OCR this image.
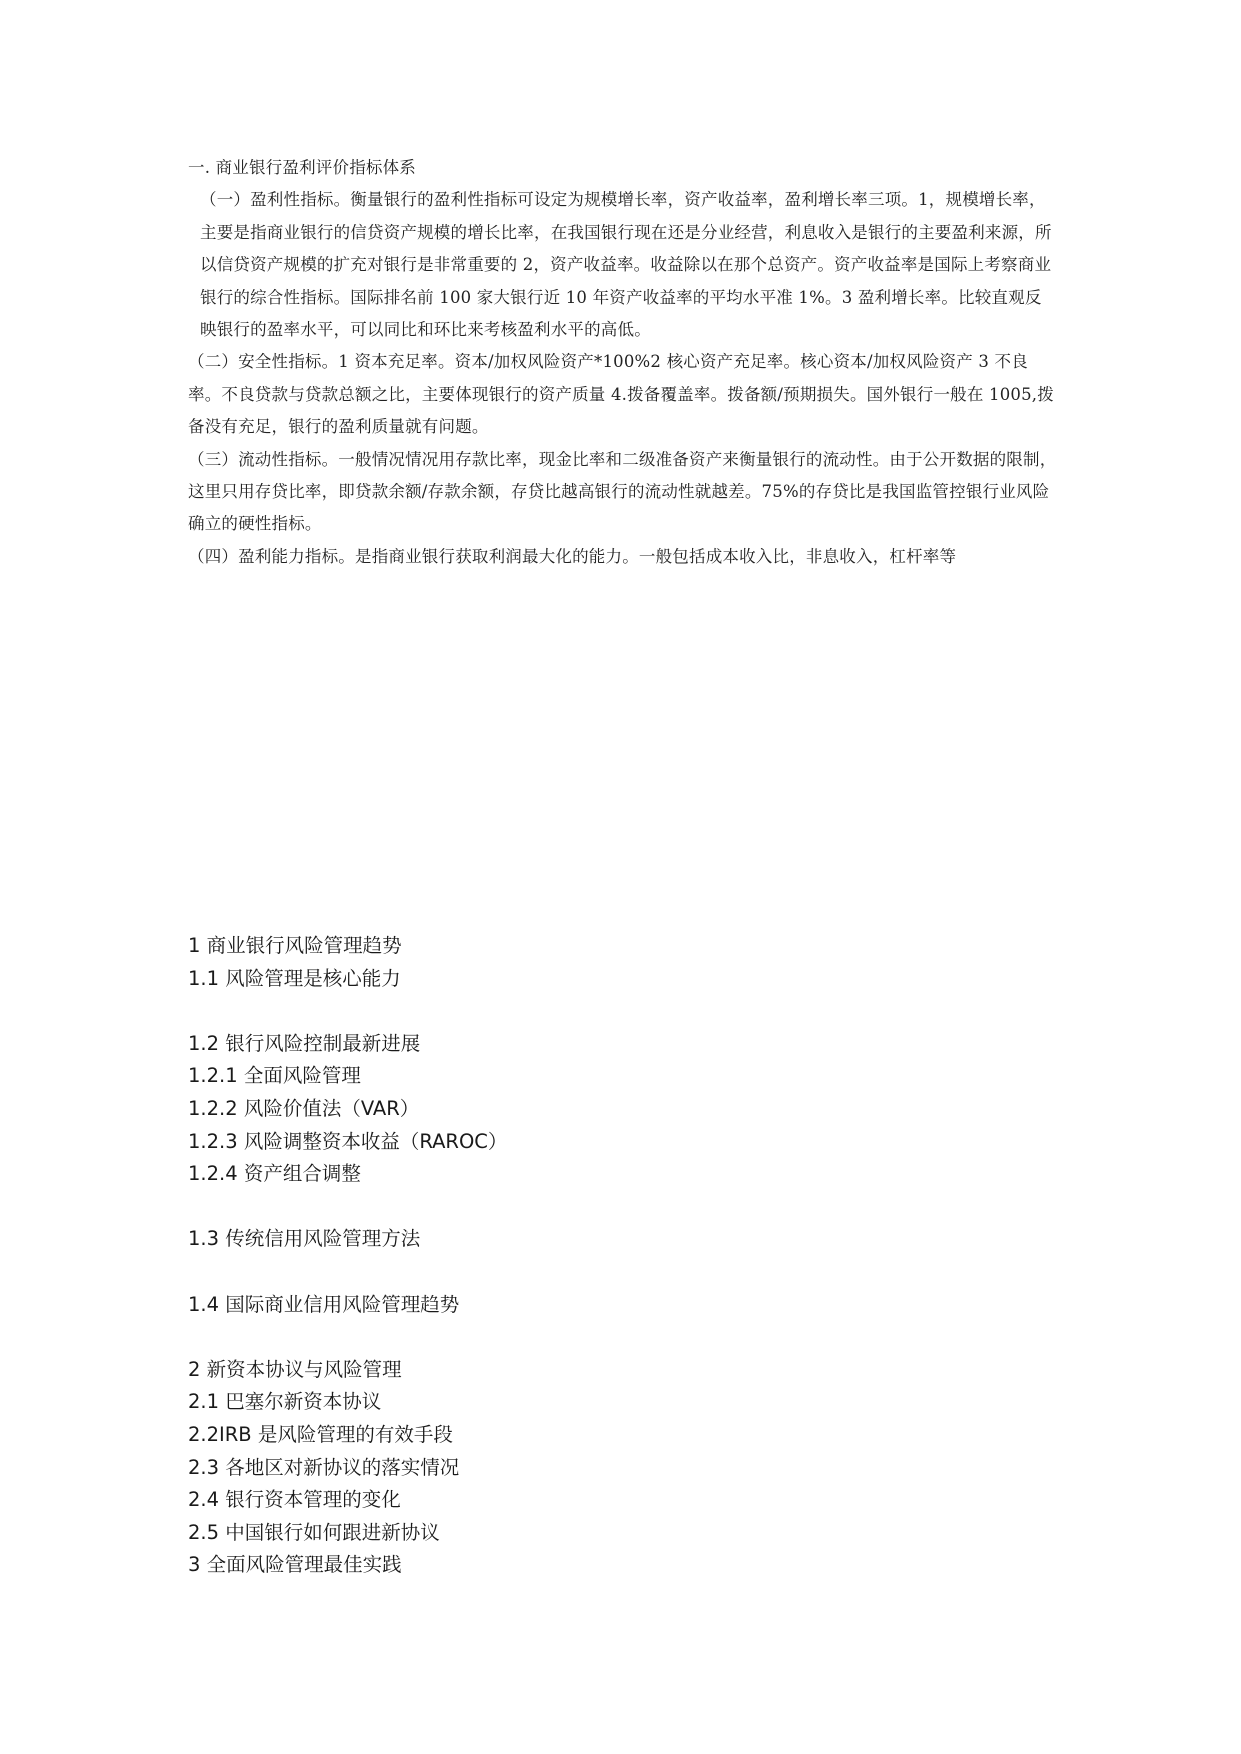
一. 商业银行盈利评价指标体系

（一）盈利性指标。衡量银行的盈利性指标可设定为规模增长率，资产收益率，盈利增长率三项。1，规模增长率，主要是指商业银行的信贷资产规模的增长比率，在我国银行现在还是分业经营，利息收入是银行的主要盈利来源，所以信贷资产规模的扩充对银行是非常重要的 2，资产收益率。收益除以在那个总资产。资产收益率是国际上考察商业银行的综合性指标。国际排名前 100 家大银行近 10 年资产收益率的平均水平准 1%。3 盈利增长率。比较直观反映银行的盈率水平，可以同比和环比来考核盈利水平的高低。

（二）安全性指标。1 资本充足率。资本/加权风险资产*100%2 核心资产充足率。核心资本/加权风险资产 3 不良率。不良贷款与贷款总额之比，主要体现银行的资产质量 4.拨备覆盖率。拨备额/预期损失。国外银行一般在 1005,拨备没有充足，银行的盈利质量就有问题。

（三）流动性指标。一般情况情况用存款比率，现金比率和二级准备资产来衡量银行的流动性。由于公开数据的限制，这里只用存贷比率，即贷款余额/存款余额，存贷比越高银行的流动性就越差。75%的存贷比是我国监管控银行业风险确立的硬性指标。

（四）盈利能力指标。是指商业银行获取利润最大化的能力。一般包括成本收入比，非息收入，杠杆率等

1 商业银行风险管理趋势
1.1 风险管理是核心能力
1.2 银行风险控制最新进展
1.2.1 全面风险管理
1.2.2 风险价值法（VAR）
1.2.3 风险调整资本收益（RAROC）
1.2.4 资产组合调整
1.3 传统信用风险管理方法
1.4 国际商业信用风险管理趋势
2 新资本协议与风险管理
2.1 巴塞尔新资本协议
2.2IRB 是风险管理的有效手段
2.3 各地区对新协议的落实情况
2.4 银行资本管理的变化
2.5 中国银行如何跟进新协议
3 全面风险管理最佳实践
